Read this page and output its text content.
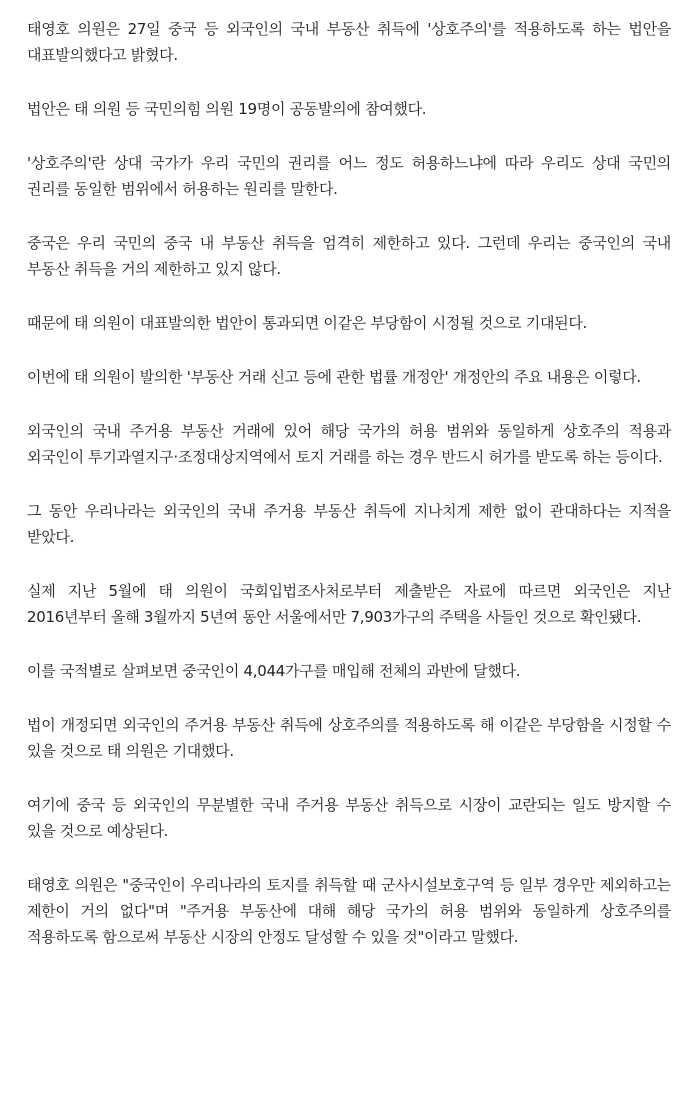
태영호 의원은 27일 중국 등 외국인의 국내 부동산 취득에 '상호주의'를 적용하도록 하는 법안을 대표발의했다고 밝혔다.

법안은 태 의원 등 국민의힘 의원 19명이 공동발의에 참여했다.

'상호주의'란 상대 국가가 우리 국민의 권리를 어느 정도 허용하느냐에 따라 우리도 상대 국민의 권리를 동일한 범위에서 허용하는 원리를 말한다.

중국은 우리 국민의 중국 내 부동산 취득을 엄격히 제한하고 있다. 그런데 우리는 중국인의 국내 부동산 취득을 거의 제한하고 있지 않다.

때문에 태 의원이 대표발의한 법안이 통과되면 이같은 부당함이 시정될 것으로 기대된다.

이번에 태 의원이 발의한 '부동산 거래 신고 등에 관한 법률 개정안' 개정안의 주요 내용은 이렇다.

외국인의 국내 주거용 부동산 거래에 있어 해당 국가의 허용 범위와 동일하게 상호주의 적용과 외국인이 투기과열지구·조정대상지역에서 토지 거래를 하는 경우 반드시 허가를 받도록 하는 등이다.

그 동안 우리나라는 외국인의 국내 주거용 부동산 취득에 지나치게 제한 없이 관대하다는 지적을 받았다.

실제 지난 5월에 태 의원이 국회입법조사처로부터 제출받은 자료에 따르면 외국인은 지난 2016년부터 올해 3월까지 5년여 동안 서울에서만 7,903가구의 주택을 사들인 것으로 확인됐다.

이를 국적별로 살펴보면 중국인이 4,044가구를 매입해 전체의 과반에 달했다.

법이 개정되면 외국인의 주거용 부동산 취득에 상호주의를 적용하도록 해 이같은 부당함을 시정할 수 있을 것으로 태 의원은 기대했다.

여기에 중국 등 외국인의 무분별한 국내 주거용 부동산 취득으로 시장이 교란되는 일도 방지할 수 있을 것으로 예상된다.

태영호 의원은 "중국인이 우리나라의 토지를 취득할 때 군사시설보호구역 등 일부 경우만 제외하고는 제한이 거의 없다"며 "주거용 부동산에 대해 해당 국가의 허용 범위와 동일하게 상호주의를 적용하도록 함으로써 부동산 시장의 안정도 달성할 수 있을 것"이라고 말했다.
